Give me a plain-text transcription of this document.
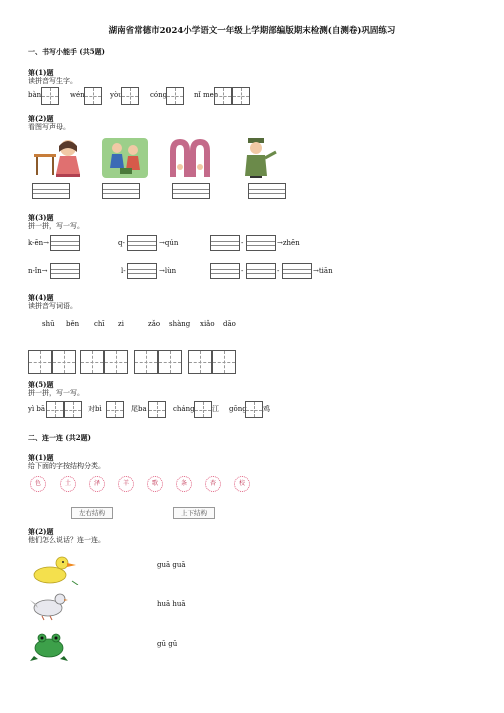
湖南省常德市2024小学语文一年级上学期部编版期末检测(自测卷)巩固练习
一、书写小能手 (共5题)
第(1)题
读拼音写生字。
bàn	wén	yòu	cóng	nǐ men
第(2)题
看图写声母。
第(3)题
拼一拼，写一写。
k-ēn→	q-	→qún	-	→zhēn
n-ǐn→	l-	→lùn	-	-	→tiān
第(4)题
读拼音写词语。
shū běn chī zi	zǎo shàng xiǎo dāo
第(5)题
拼一拼，写一写。
yì bā	对bì	尾ba	cháng 江 gōng 鸡
二、连一连 (共2题)
第(1)题
给下面的字按结构分类。
色	土	泽	羊	歌	条	杏	校
左右结构	上下结构
第(2)题
他们怎么说话？连一连。
guā guā
huā huā
gū gū
